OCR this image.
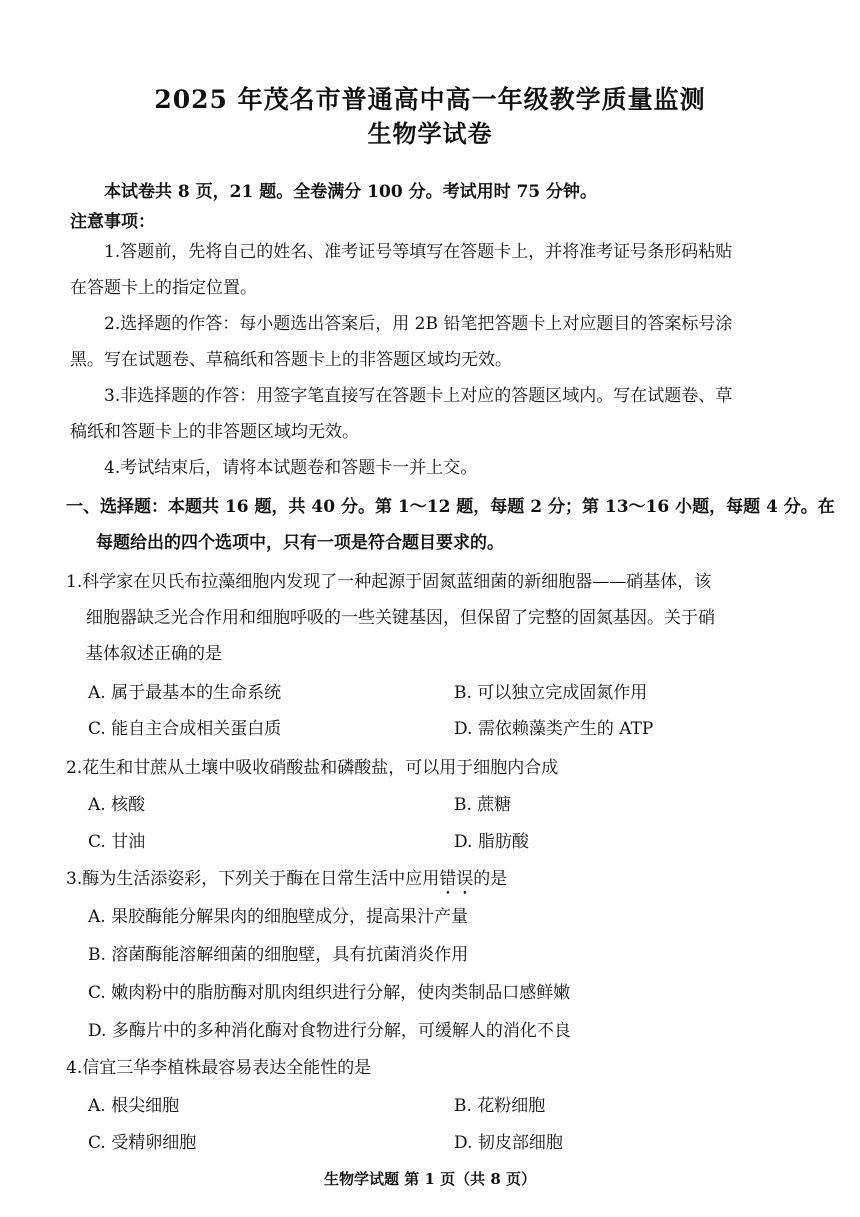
2025 年茂名市普通高中高一年级教学质量监测
生物学试卷
本试卷共 8 页，21 题。全卷满分 100 分。考试用时 75 分钟。
注意事项：
1.答题前，先将自己的姓名、准考证号等填写在答题卡上，并将准考证号条形码粘贴
在答题卡上的指定位置。
2.选择题的作答：每小题选出答案后，用 2B 铅笔把答题卡上对应题目的答案标号涂
黑。写在试题卷、草稿纸和答题卡上的非答题区域均无效。
3.非选择题的作答：用签字笔直接写在答题卡上对应的答题区域内。写在试题卷、草
稿纸和答题卡上的非答题区域均无效。
4.考试结束后，请将本试题卷和答题卡一并上交。
一、选择题：本题共 16 题，共 40 分。第 1～12 题，每题 2 分；第 13～16 小题，每题 4 分。在
每题给出的四个选项中，只有一项是符合题目要求的。
1.科学家在贝氏布拉藻细胞内发现了一种起源于固氮蓝细菌的新细胞器——硝基体，该
细胞器缺乏光合作用和细胞呼吸的一些关键基因，但保留了完整的固氮基因。关于硝
基体叙述正确的是
A. 属于最基本的生命系统	B. 可以独立完成固氮作用
C. 能自主合成相关蛋白质	D. 需依赖藻类产生的 ATP
2.花生和甘蔗从土壤中吸收硝酸盐和磷酸盐，可以用于细胞内合成
A. 核酸	B. 蔗糖
C. 甘油	D. 脂肪酸
3.酶为生活添姿彩，下列关于酶在日常生活中应用错误的是
A. 果胶酶能分解果肉的细胞壁成分，提高果汁产量
B. 溶菌酶能溶解细菌的细胞壁，具有抗菌消炎作用
C. 嫩肉粉中的脂肪酶对肌肉组织进行分解，使肉类制品口感鲜嫩
D. 多酶片中的多种消化酶对食物进行分解，可缓解人的消化不良
4.信宜三华李植株最容易表达全能性的是
A. 根尖细胞	B. 花粉细胞
C. 受精卵细胞	D. 韧皮部细胞
生物学试题 第 1 页（共 8 页）
